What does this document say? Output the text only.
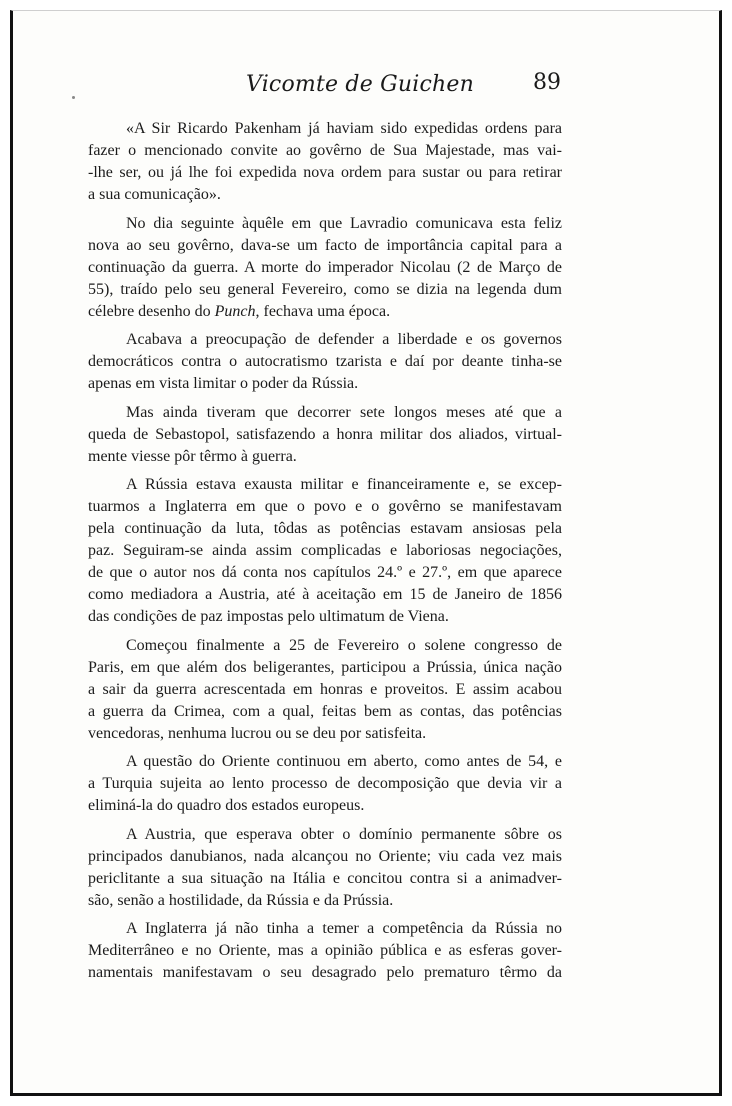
Vicomte de Guichen	89

«A Sir Ricardo Pakenham já haviam sido expedidas ordens para
fazer o mencionado convite ao govêrno de Sua Majestade, mas vai-
-lhe ser, ou já lhe foi expedida nova ordem para sustar ou para retirar
a sua comunicação».

No dia seguinte àquêle em que Lavradio comunicava esta feliz
nova ao seu govêrno, dava-se um facto de importância capital para a
continuação da guerra. A morte do imperador Nicolau (2 de Março de
55), traído pelo seu general Fevereiro, como se dizia na legenda dum
célebre desenho do Punch, fechava uma época.

Acabava a preocupação de defender a liberdade e os governos
democráticos contra o autocratismo tzarista e daí por deante tinha-se
apenas em vista limitar o poder da Rússia.

Mas ainda tiveram que decorrer sete longos meses até que a
queda de Sebastopol, satisfazendo a honra militar dos aliados, virtual-
mente viesse pôr têrmo à guerra.

A Rússia estava exausta militar e financeiramente e, se excep-
tuarmos a Inglaterra em que o povo e o govêrno se manifestavam
pela continuação da luta, tôdas as potências estavam ansiosas pela
paz. Seguiram-se ainda assim complicadas e laboriosas negociações,
de que o autor nos dá conta nos capítulos 24.º e 27.º, em que aparece
como mediadora a Austria, até à aceitação em 15 de Janeiro de 1856
das condições de paz impostas pelo ultimatum de Viena.

Começou finalmente a 25 de Fevereiro o solene congresso de
Paris, em que além dos beligerantes, participou a Prússia, única nação
a sair da guerra acrescentada em honras e proveitos. E assim acabou
a guerra da Crimea, com a qual, feitas bem as contas, das potências
vencedoras, nenhuma lucrou ou se deu por satisfeita.

A questão do Oriente continuou em aberto, como antes de 54, e
a Turquia sujeita ao lento processo de decomposição que devia vir a
eliminá-la do quadro dos estados europeus.

A Austria, que esperava obter o domínio permanente sôbre os
principados danubianos, nada alcançou no Oriente; viu cada vez mais
periclitante a sua situação na Itália e concitou contra si a animadver-
são, senão a hostilidade, da Rússia e da Prússia.

A Inglaterra já não tinha a temer a competência da Rússia no
Mediterrâneo e no Oriente, mas a opinião pública e as esferas gover-
namentais manifestavam o seu desagrado pelo prematuro têrmo da
